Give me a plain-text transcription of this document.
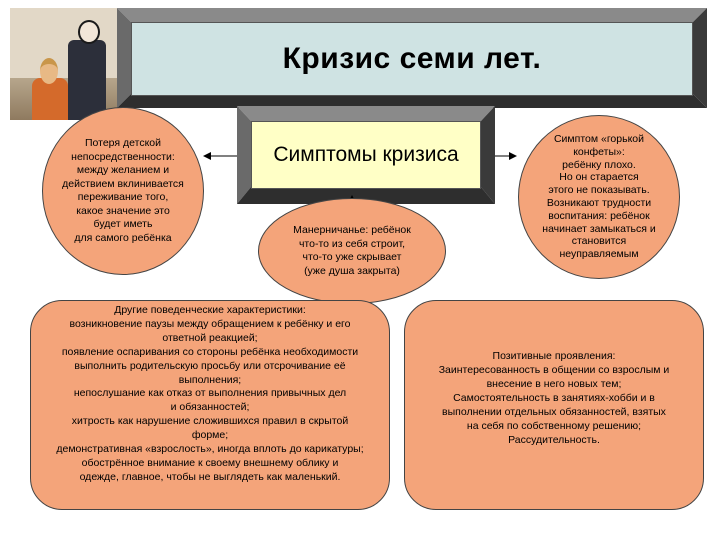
Кризис семи лет.
Симптомы кризиса
Потеря детской
непосредственности:
между желанием и
действием вклинивается
переживание того,
какое значение это
будет иметь
для самого ребёнка
Манерничанье: ребёнок
что-то из себя строит,
что-то уже скрывает
(уже душа закрыта)
Симптом «горькой
конфеты»:
ребёнку плохо.
Но он старается
этого не показывать.
Возникают трудности
воспитания: ребёнок
начинает замыкаться и
становится
неуправляемым
Другие поведенческие характеристики:
возникновение паузы между обращением к ребёнку и его
ответной реакцией;
появление оспаривания со стороны ребёнка необходимости
выполнить родительскую просьбу или отсрочивание её
выполнения;
непослушание как отказ от выполнения привычных дел
и обязанностей;
хитрость как нарушение сложившихся правил в скрытой
форме;
демонстративная «взрослость», иногда вплоть до карикатуры;
обострённое внимание к своему внешнему облику и
одежде, главное, чтобы не выглядеть как маленький.
Позитивные проявления:
Заинтересованность в общении со взрослым и
внесение в него новых тем;
Самостоятельность в занятиях-хобби и в
выполнении отдельных обязанностей, взятых
на себя по собственному решению;
Рассудительность.
